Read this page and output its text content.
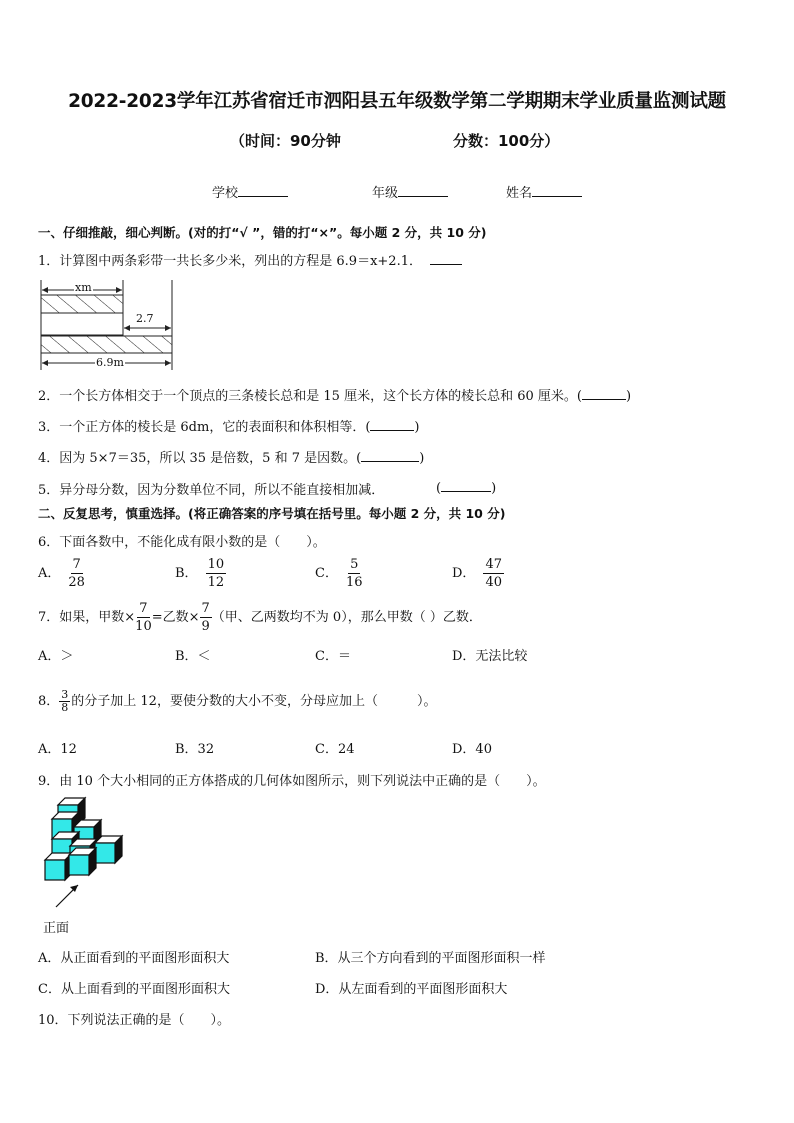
2022-2023学年江苏省宿迁市泗阳县五年级数学第二学期期末学业质量监测试题
（时间：90分钟	分数：100分）
学校	年级	姓名
一、仔细推敲，细心判断。(对的打“√ ”，错的打“×”。每小题 2 分，共 10 分)
1．计算图中两条彩带一共长多少米，列出的方程是 6.9＝x+2.1．
xm
2.7
6.9m
2．一个长方体相交于一个顶点的三条棱长总和是 15 厘米，这个长方体的棱长总和 60 厘米。(	)
3．一个正方体的棱长是 6dm，它的表面积和体积相等．(	)
4．因为 5×7＝35，所以 35 是倍数，5 和 7 是因数。(	)
5．异分母分数，因为分数单位不同，所以不能直接相加减．	(	)
二、反复思考，慎重选择。(将正确答案的序号填在括号里。每小题 2 分，共 10 分)
6．下面各数中，不能化成有限小数的是（　　）。
A． $\frac{7}{28}$	B． $\frac{10}{12}$	C． $\frac{5}{16}$	D． $\frac{47}{40}$
7．如果，甲数× $\frac{7}{10}$ =乙数× $\frac{7}{9}$ （甲、乙两数均不为 0），那么甲数（ ）乙数．
A．＞	B．＜	C．＝	D．无法比较
8． $\frac{3}{8}$ 的分子加上 12，要使分数的大小不变，分母应加上（　　　）。
A．12	B．32	C．24	D．40
9．由 10 个大小相同的正方体搭成的几何体如图所示，则下列说法中正确的是（　　）。
正面
A．从正面看到的平面图形面积大	B．从三个方向看到的平面图形面积一样
C．从上面看到的平面图形面积大	D．从左面看到的平面图形面积大
10．下列说法正确的是（　　）。
